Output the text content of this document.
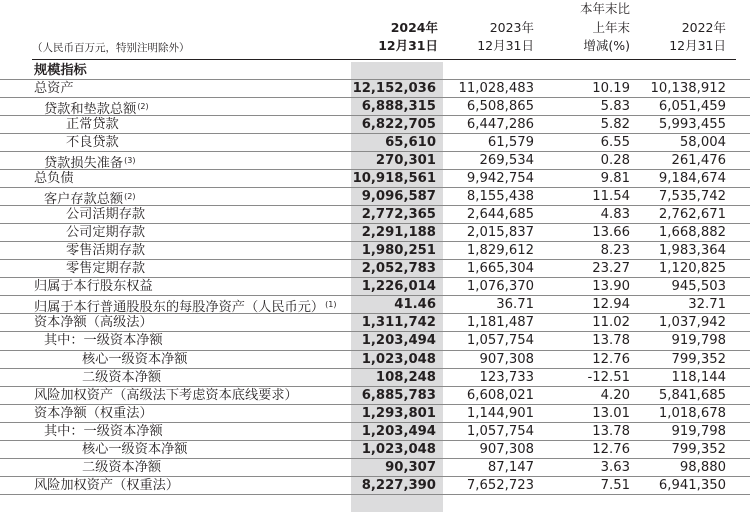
本年末比
2024年	2023年	上年末	2022年
12月31日	12月31日	增减(%)	12月31日
（人民币百万元，特别注明除外）
规模指标
总资产	12,152,036	11,028,483	10.19	10,138,912
贷款和垫款总额$^{(2)}$	6,888,315	6,508,865	5.83	6,051,459
正常贷款	6,822,705	6,447,286	5.82	5,993,455
不良贷款	65,610	61,579	6.55	58,004
贷款损失准备$^{(3)}$	270,301	269,534	0.28	261,476
总负债	10,918,561	9,942,754	9.81	9,184,674
客户存款总额$^{(2)}$	9,096,587	8,155,438	11.54	7,535,742
公司活期存款	2,772,365	2,644,685	4.83	2,762,671
公司定期存款	2,291,188	2,015,837	13.66	1,668,882
零售活期存款	1,980,251	1,829,612	8.23	1,983,364
零售定期存款	2,052,783	1,665,304	23.27	1,120,825
归属于本行股东权益	1,226,014	1,076,370	13.90	945,503
归属于本行普通股股东的每股净资产（人民币元）$^{(1)}$	41.46	36.71	12.94	32.71
资本净额（高级法）	1,311,742	1,181,487	11.02	1,037,942
其中：一级资本净额	1,203,494	1,057,754	13.78	919,798
核心一级资本净额	1,023,048	907,308	12.76	799,352
二级资本净额	108,248	123,733	-12.51	118,144
风险加权资产（高级法下考虑资本底线要求）	6,885,783	6,608,021	4.20	5,841,685
资本净额（权重法）	1,293,801	1,144,901	13.01	1,018,678
其中：一级资本净额	1,203,494	1,057,754	13.78	919,798
核心一级资本净额	1,023,048	907,308	12.76	799,352
二级资本净额	90,307	87,147	3.63	98,880
风险加权资产（权重法）	8,227,390	7,652,723	7.51	6,941,350
